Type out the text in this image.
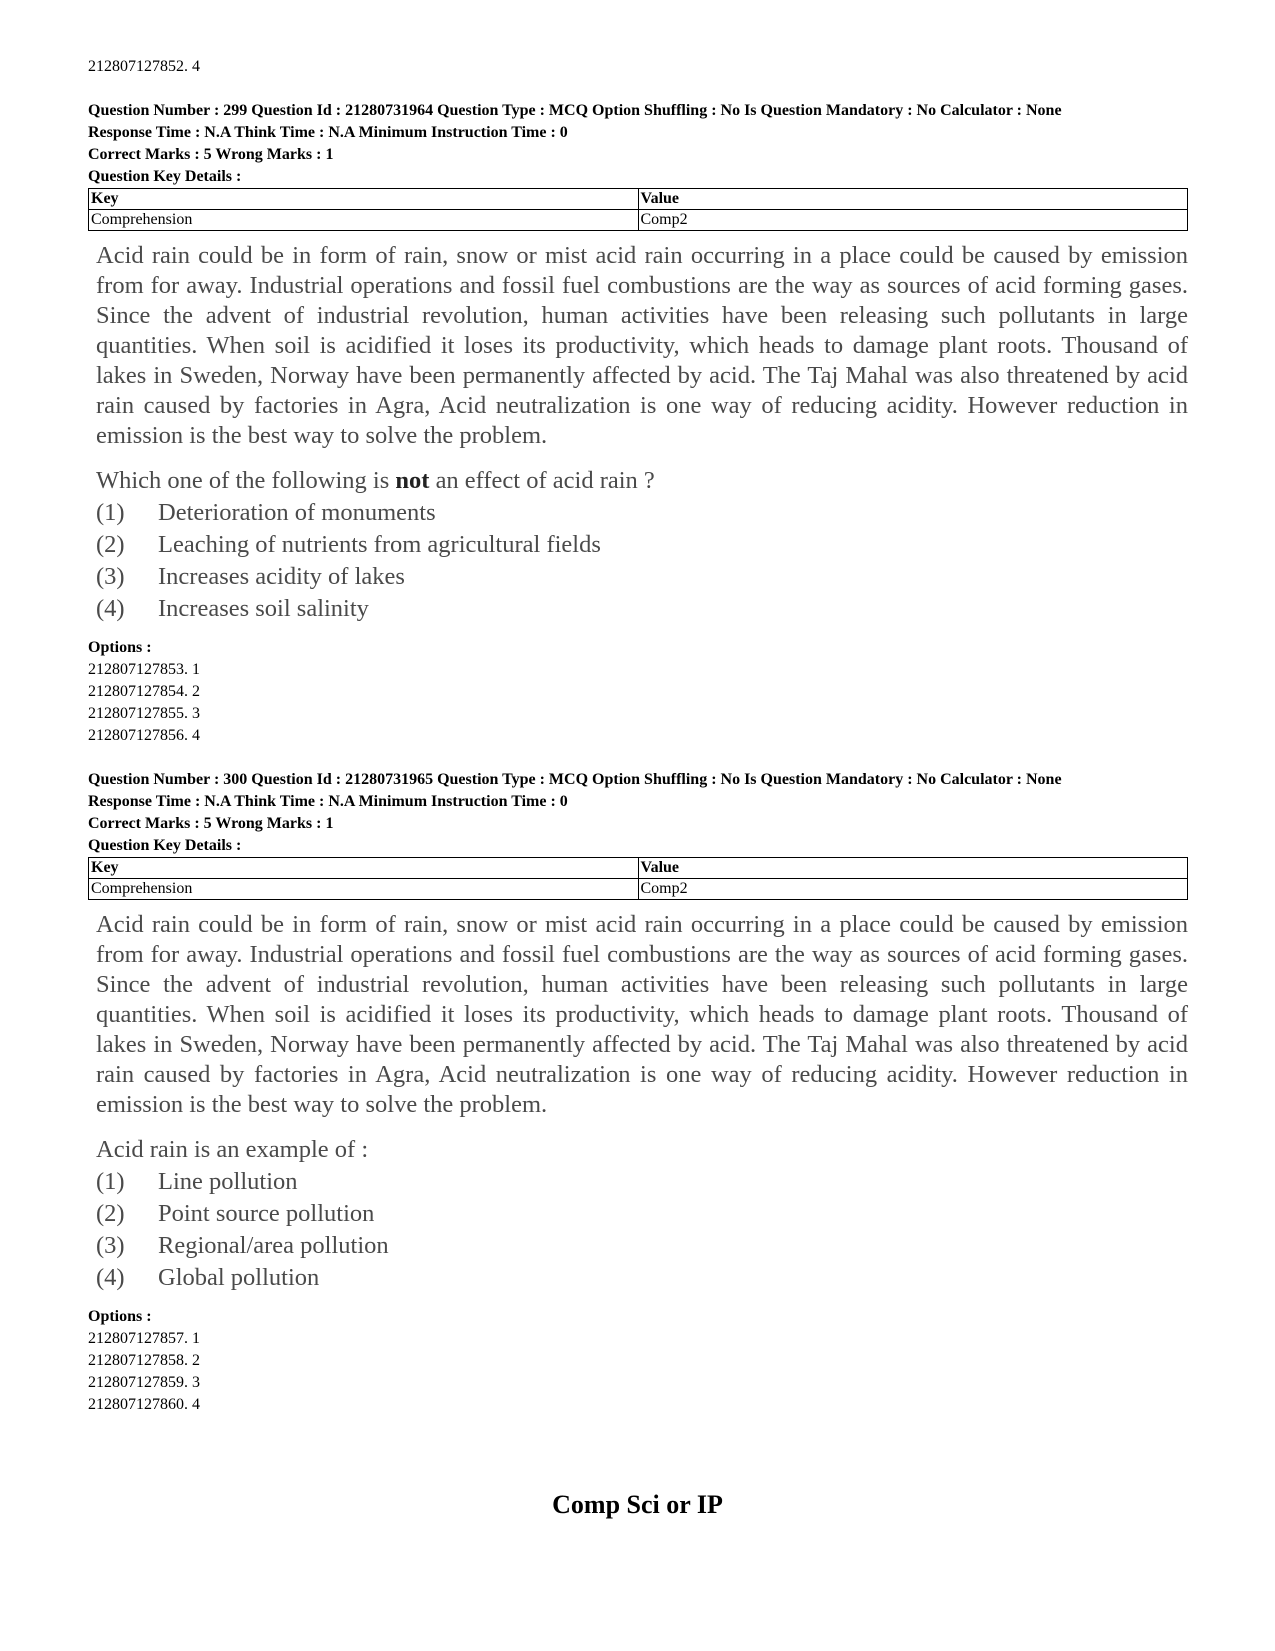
212807127852. 4
Question Number : 299 Question Id : 21280731964 Question Type : MCQ Option Shuffling : No Is Question Mandatory : No Calculator : None
Response Time : N.A Think Time : N.A Minimum Instruction Time : 0
Correct Marks : 5 Wrong Marks : 1
Question Key Details :
Key	Value
Comprehension	Comp2
Acid rain could be in form of rain, snow or mist acid rain occurring in a place could be caused by emission from for away. Industrial operations and fossil fuel combustions are the way as sources of acid forming gases. Since the advent of industrial revolution, human activities have been releasing such pollutants in large quantities. When soil is acidified it loses its productivity, which heads to damage plant roots. Thousand of lakes in Sweden, Norway have been permanently affected by acid. The Taj Mahal was also threatened by acid rain caused by factories in Agra, Acid neutralization is one way of reducing acidity. However reduction in emission is the best way to solve the problem.
Which one of the following is not an effect of acid rain ?
(1)	Deterioration of monuments
(2)	Leaching of nutrients from agricultural fields
(3)	Increases acidity of lakes
(4)	Increases soil salinity
Options :
212807127853. 1
212807127854. 2
212807127855. 3
212807127856. 4
Question Number : 300 Question Id : 21280731965 Question Type : MCQ Option Shuffling : No Is Question Mandatory : No Calculator : None
Response Time : N.A Think Time : N.A Minimum Instruction Time : 0
Correct Marks : 5 Wrong Marks : 1
Question Key Details :
Key	Value
Comprehension	Comp2
Acid rain could be in form of rain, snow or mist acid rain occurring in a place could be caused by emission from for away. Industrial operations and fossil fuel combustions are the way as sources of acid forming gases. Since the advent of industrial revolution, human activities have been releasing such pollutants in large quantities. When soil is acidified it loses its productivity, which heads to damage plant roots. Thousand of lakes in Sweden, Norway have been permanently affected by acid. The Taj Mahal was also threatened by acid rain caused by factories in Agra, Acid neutralization is one way of reducing acidity. However reduction in emission is the best way to solve the problem.
Acid rain is an example of :
(1)	Line pollution
(2)	Point source pollution
(3)	Regional/area pollution
(4)	Global pollution
Options :
212807127857. 1
212807127858. 2
212807127859. 3
212807127860. 4
Comp Sci or IP
